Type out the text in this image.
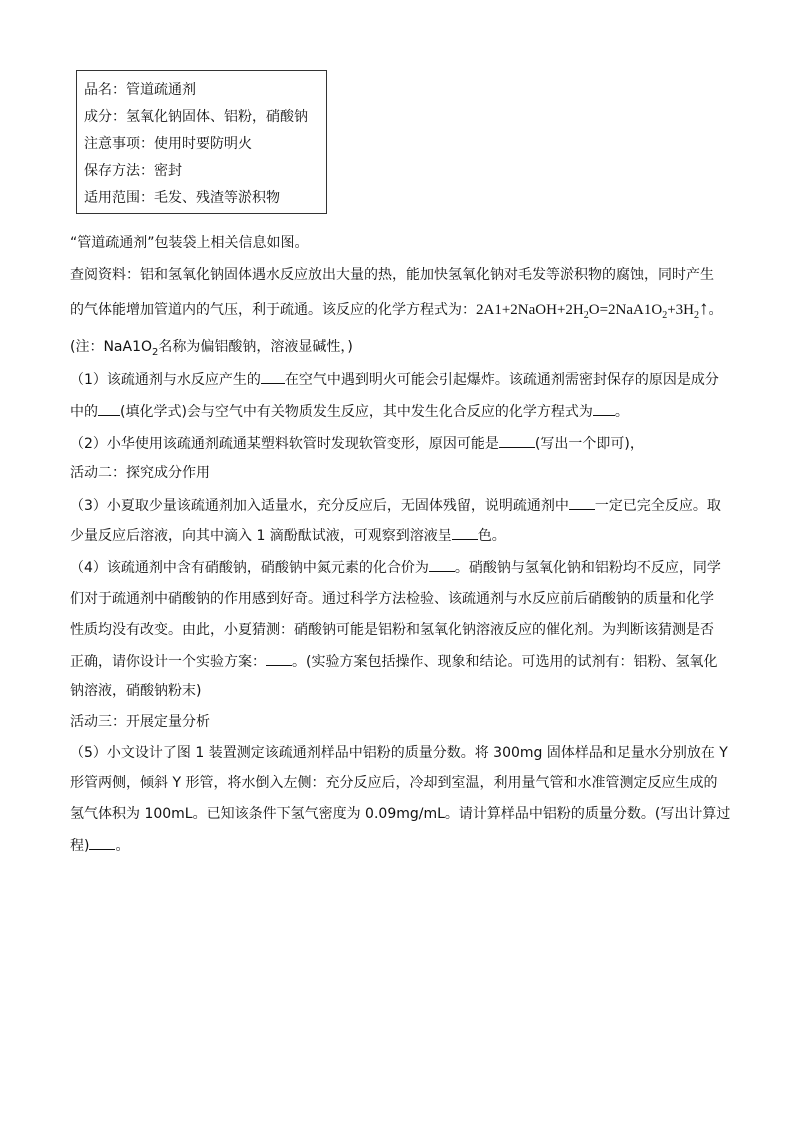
品名：管道疏通剂
成分：氢氧化钠固体、铝粉，硝酸钠
注意事项：使用时要防明火
保存方法：密封
适用范围：毛发、残渣等淤积物
“管道疏通剂”包装袋上相关信息如图。
查阅资料：铝和氢氧化钠固体遇水反应放出大量的热，能加快氢氧化钠对毛发等淤积物的腐蚀，同时产生
的气体能增加管道内的气压，利于疏通。该反应的化学方程式为：$2A1+2NaOH+2H_2O=2NaA1O_2+3H_2↑$。
(注：$NaA1O_2$名称为偏铝酸钠，溶液显碱性，)
（1）该疏通剂与水反应产生的 在空气中遇到明火可能会引起爆炸。该疏通剂需密封保存的原因是成分
中的 (填化学式)会与空气中有关物质发生反应，其中发生化合反应的化学方程式为 。
（2）小华使用该疏通剂疏通某塑料软管时发现软管变形，原因可能是	(写出一个即可)，
活动二：探究成分作用
（3）小夏取少量该疏通剂加入适量水，充分反应后，无固体残留，说明疏通剂中 一定已完全反应。取
少量反应后溶液，向其中滴入 1 滴酚酞试液，可观察到溶液呈 色。
（4）该疏通剂中含有硝酸钠，硝酸钠中氮元素的化合价为 。硝酸钠与氢氧化钠和铝粉均不反应，同学
们对于疏通剂中硝酸钠的作用感到好奇。通过科学方法检验、该疏通剂与水反应前后硝酸钠的质量和化学
性质均没有改变。由此，小夏猜测：硝酸钠可能是铝粉和氢氧化钠溶液反应的催化剂。为判断该猜测是否
正确，请你设计一个实验方案： 。(实验方案包括操作、现象和结论。可选用的试剂有：铝粉、氢氧化
钠溶液，硝酸钠粉末)
活动三：开展定量分析
（5）小文设计了图 1 装置测定该疏通剂样品中铝粉的质量分数。将 300mg 固体样品和足量水分别放在 Y
形管两侧，倾斜 Y 形管，将水倒入左侧：充分反应后，冷却到室温，利用量气管和水准管测定反应生成的
氢气体积为 100mL。已知该条件下氢气密度为 0.09mg/mL。请计算样品中铝粉的质量分数。(写出计算过
程) 。
